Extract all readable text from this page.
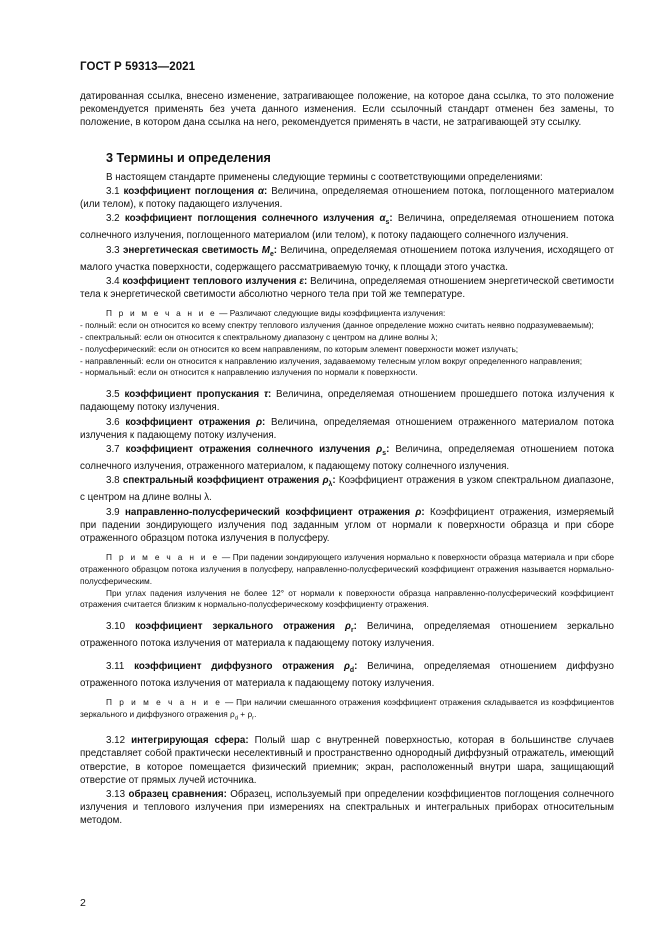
ГОСТ Р 59313—2021

датированная ссылка, внесено изменение, затрагивающее положение, на которое дана ссылка, то это положение рекомендуется применять без учета данного изменения. Если ссылочный стандарт отменен без замены, то положение, в котором дана ссылка на него, рекомендуется применять в части, не затрагивающей эту ссылку.

3 Термины и определения

В настоящем стандарте применены следующие термины с соответствующими определениями:

3.1 коэффициент поглощения α: Величина, определяемая отношением потока, поглощенного материалом (или телом), к потоку падающего излучения.

3.2 коэффициент поглощения солнечного излучения $\alpha_s$: Величина, определяемая отношением потока солнечного излучения, поглощенного материалом (или телом), к потоку падающего солнечного излучения.

3.3 энергетическая светимость $M_e$: Величина, определяемая отношением потока излучения, исходящего от малого участка поверхности, содержащего рассматриваемую точку, к площади этого участка.

3.4 коэффициент теплового излучения ε: Величина, определяемая отношением энергетической светимости тела к энергетической светимости абсолютно черного тела при той же температуре.

П р и м е ч а н и е — Различают следующие виды коэффициента излучения:

- полный: если он относится ко всему спектру теплового излучения (данное определение можно считать неявно подразумеваемым);

- спектральный: если он относится к спектральному диапазону с центром на длине волны λ;

- полусферический: если он относится ко всем направлениям, по которым элемент поверхности может излучать;

- направленный: если он относится к направлению излучения, задаваемому телесным углом вокруг определенного направления;

- нормальный: если он относится к направлению излучения по нормали к поверхности.

3.5 коэффициент пропускания τ: Величина, определяемая отношением прошедшего потока излучения к падающему потоку излучения.

3.6 коэффициент отражения ρ: Величина, определяемая отношением отраженного материалом потока излучения к падающему потоку излучения.

3.7 коэффициент отражения солнечного излучения $\rho_s$: Величина, определяемая отношением потока солнечного излучения, отраженного материалом, к падающему потоку солнечного излучения.

3.8 спектральный коэффициент отражения $\rho_\lambda$: Коэффициент отражения в узком спектральном диапазоне, с центром на длине волны λ.

3.9 направленно-полусферический коэффициент отражения ρ: Коэффициент отражения, измеряемый при падении зондирующего излучения под заданным углом от нормали к поверхности образца и при сборе отраженного образцом потока излучения в полусферу.

П р и м е ч а н и е — При падении зондирующего излучения нормально к поверхности образца материала и при сборе отраженного образцом потока излучения в полусферу, направленно-полусферический коэффициент отражения называется нормально-полусферическим.

При углах падения излучения не более 12° от нормали к поверхности образца направленно-полусферический коэффициент отражения считается близким к нормально-полусферическому коэффициенту отражения.

3.10 коэффициент зеркального отражения $\rho_r$: Величина, определяемая отношением зеркально отраженного потока излучения от материала к падающему потоку излучения.

3.11 коэффициент диффузного отражения $\rho_d$: Величина, определяемая отношением диффузно отраженного потока излучения от материала к падающему потоку излучения.

П р и м е ч а н и е — При наличии смешанного отражения коэффициент отражения складывается из коэффициентов зеркального и диффузного отражения $\rho_d + \rho_r$.

3.12 интегрирующая сфера: Полый шар с внутренней поверхностью, которая в большинстве случаев представляет собой практически неселективный и пространственно однородный диффузный отражатель, имеющий отверстие, в которое помещается физический приемник; экран, расположенный внутри шара, защищающий отверстие от прямых лучей источника.

3.13 образец сравнения: Образец, используемый при определении коэффициентов поглощения солнечного излучения и теплового излучения при измерениях на спектральных и интегральных приборах относительным методом.

2
